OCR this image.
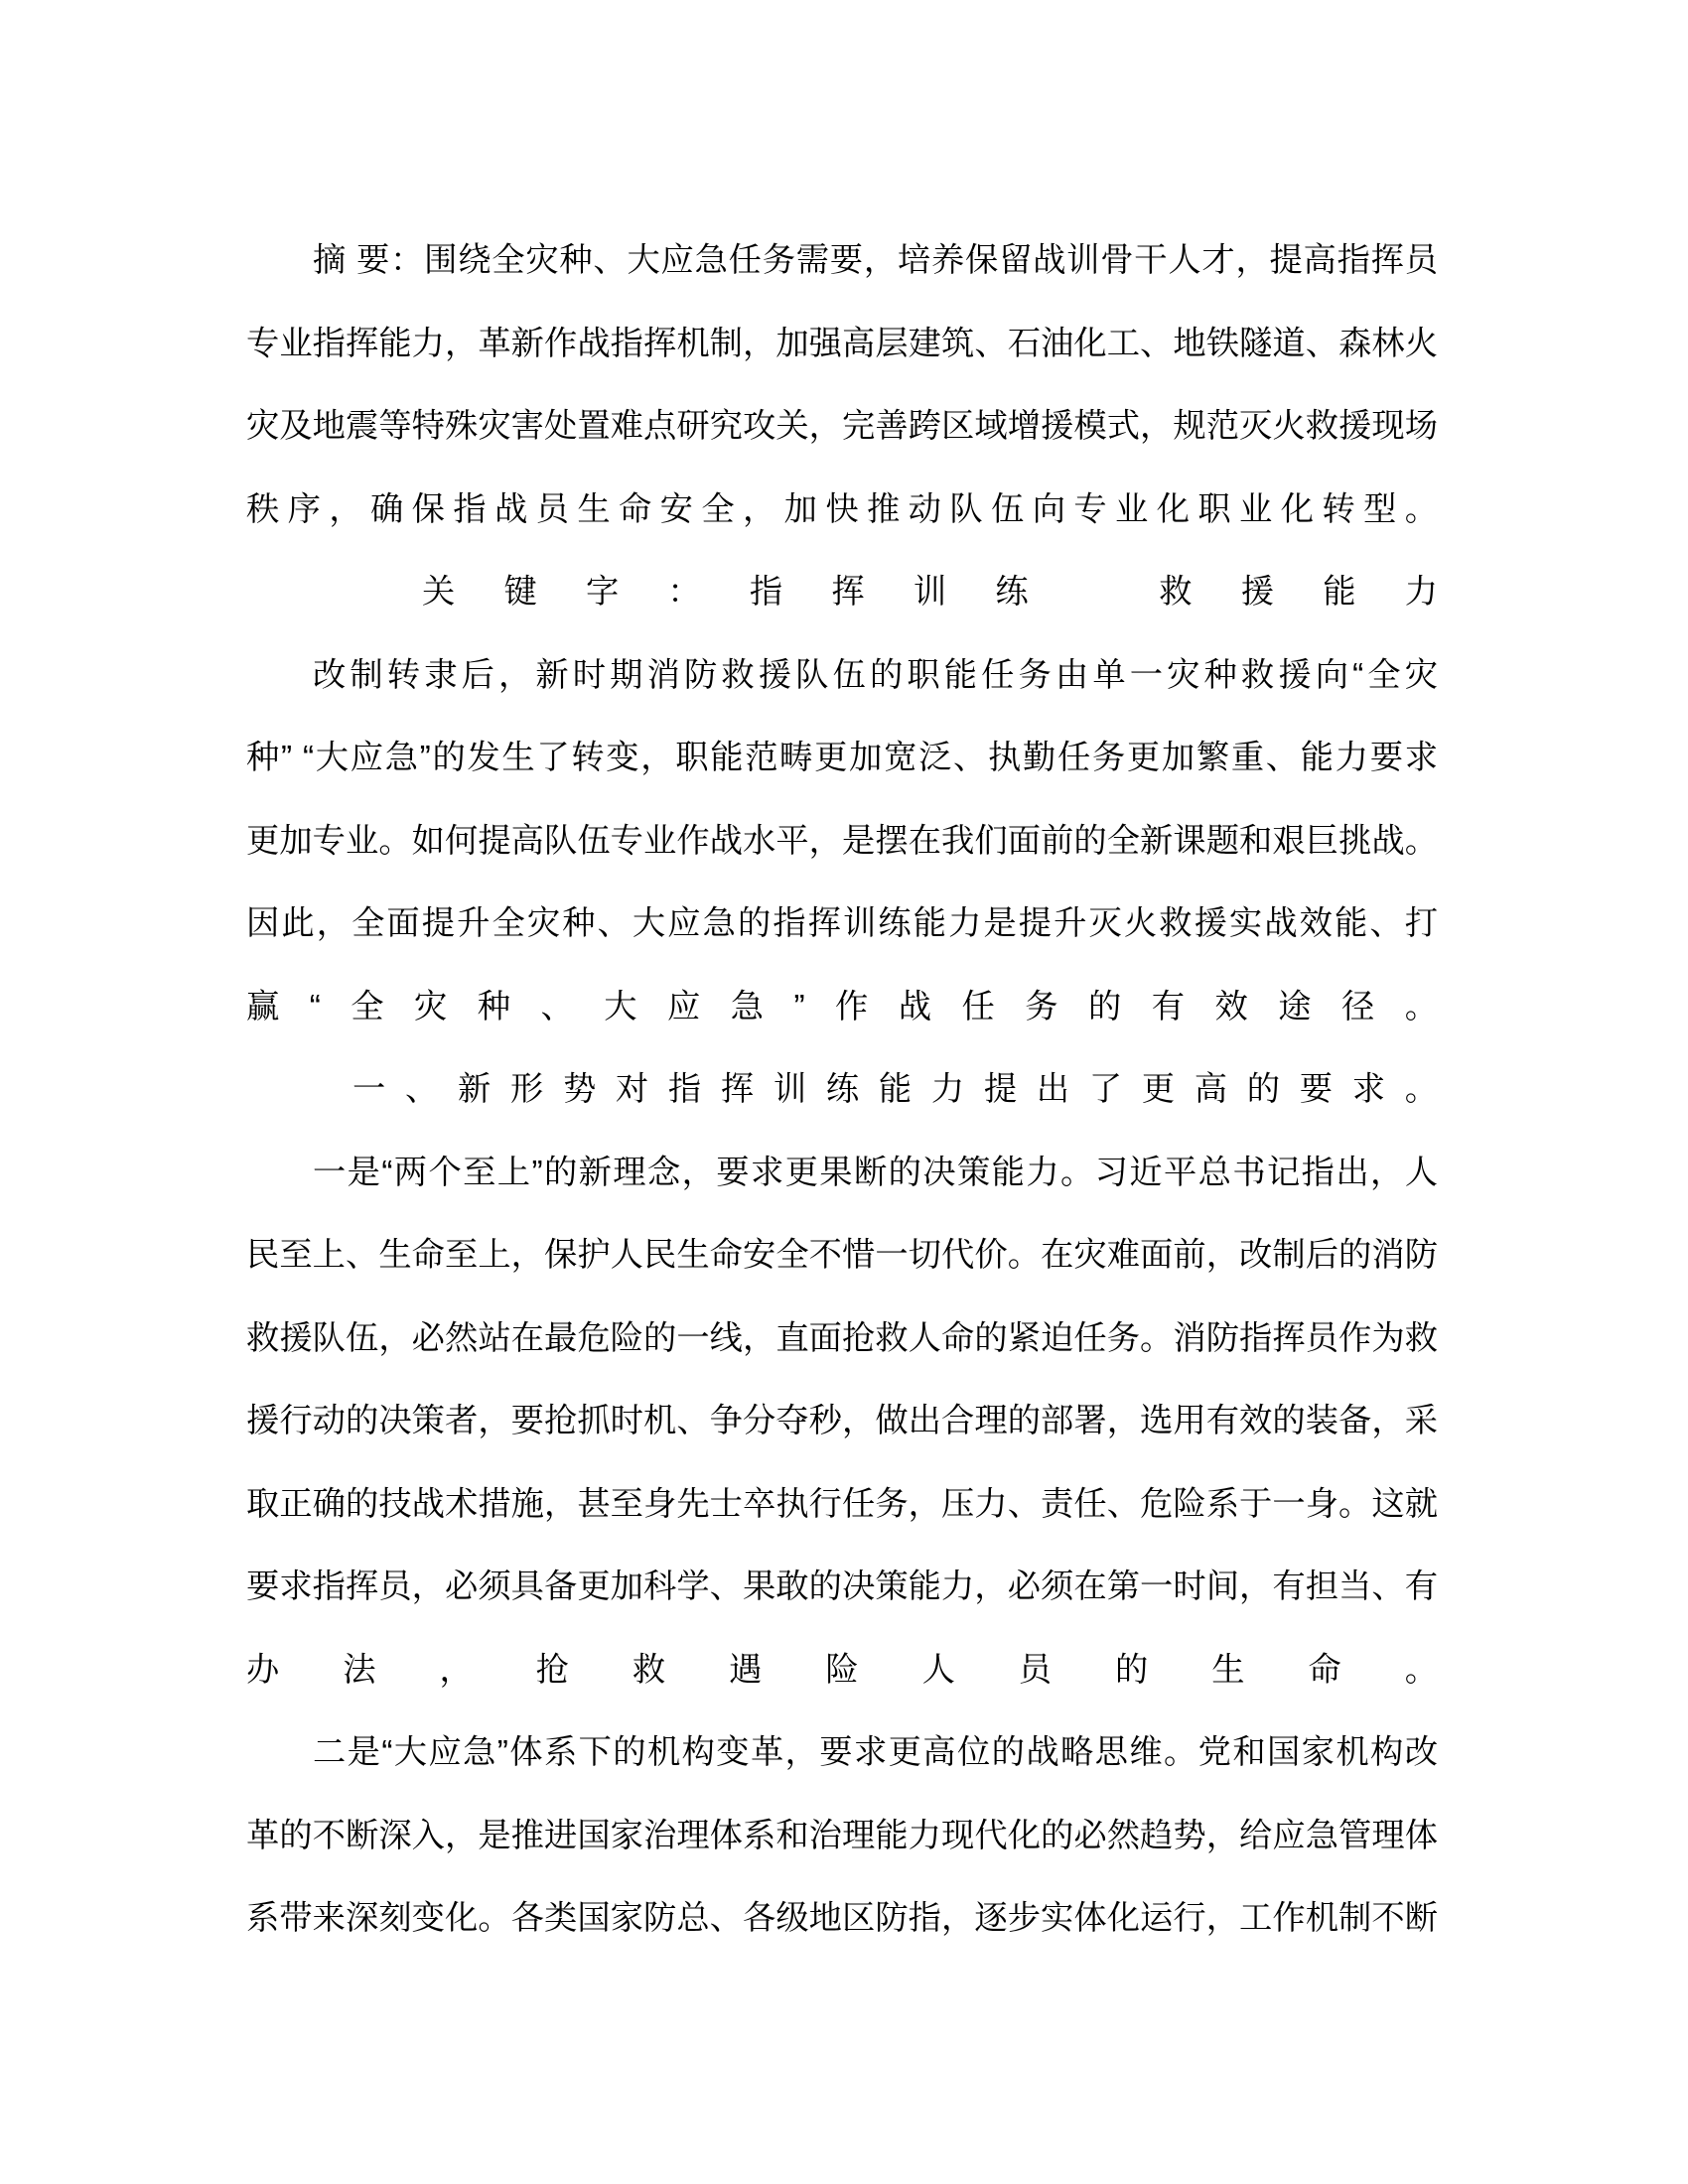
摘 要：围绕全灾种、大应急任务需要，培养保留战训骨干人才，提高指挥员

专业指挥能力，革新作战指挥机制，加强高层建筑、石油化工、地铁隧道、森林火

灾及地震等特殊灾害处置难点研究攻关，完善跨区域增援模式，规范灭火救援现场

秩序，确保指战员生命安全，加快推动队伍向专业化职业化转型。

关键字：指挥训练　救援能力

改制转隶后，新时期消防救援队伍的职能任务由单一灾种救援向“全灾

种” “大应急”的发生了转变，职能范畴更加宽泛、执勤任务更加繁重、能力要求

更加专业。如何提高队伍专业作战水平，是摆在我们面前的全新课题和艰巨挑战。

因此，全面提升全灾种、大应急的指挥训练能力是提升灭火救援实战效能、打

赢“全灾种、大应急”作战任务的有效途径。

一、新形势对指挥训练能力提出了更高的要求。

一是“两个至上”的新理念，要求更果断的决策能力。习近平总书记指出，人

民至上、生命至上，保护人民生命安全不惜一切代价。在灾难面前，改制后的消防

救援队伍，必然站在最危险的一线，直面抢救人命的紧迫任务。消防指挥员作为救

援行动的决策者，要抢抓时机、争分夺秒，做出合理的部署，选用有效的装备，采

取正确的技战术措施，甚至身先士卒执行任务，压力、责任、危险系于一身。这就

要求指挥员，必须具备更加科学、果敢的决策能力，必须在第一时间，有担当、有

办法，抢救遇险人员的生命。

二是“大应急”体系下的机构变革，要求更高位的战略思维。党和国家机构改

革的不断深入，是推进国家治理体系和治理能力现代化的必然趋势，给应急管理体

系带来深刻变化。各类国家防总、各级地区防指，逐步实体化运行，工作机制不断
